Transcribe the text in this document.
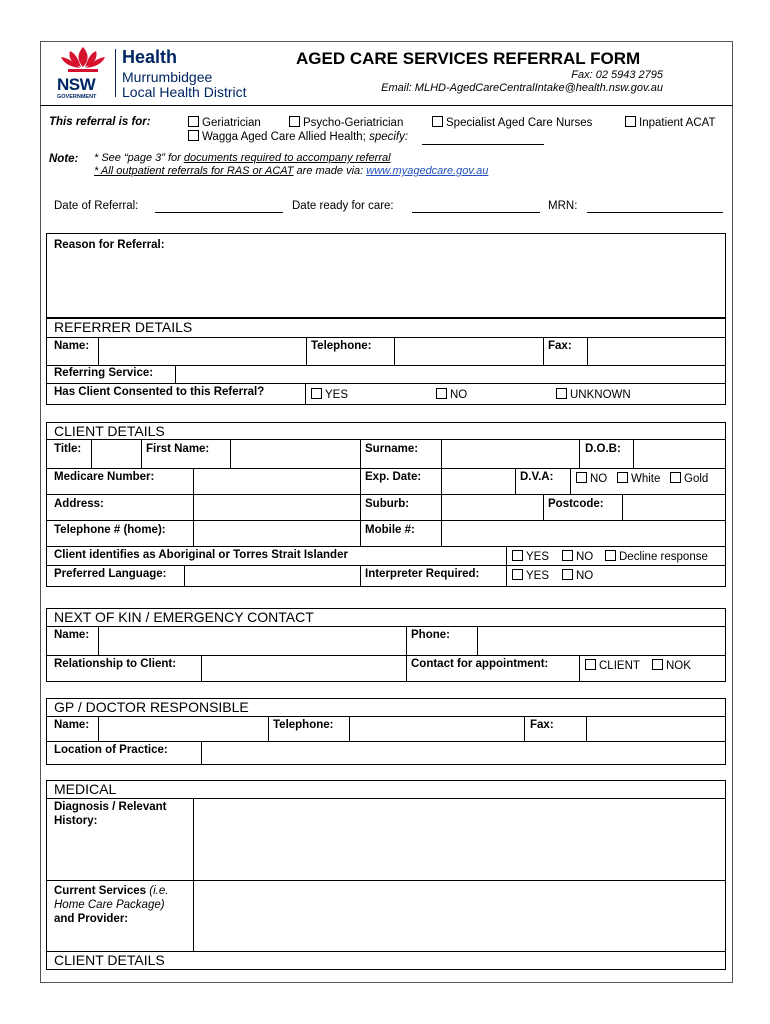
NSW
GOVERNMENT
Health
Murrumbidgee
Local Health District
AGED CARE SERVICES REFERRAL FORM
Fax: 02 5943 2795
Email: MLHD-AgedCareCentralIntake@health.nsw.gov.au
This referral is for:	Geriatrician	Psycho-Geriatrician	Specialist Aged Care Nurses	Inpatient ACAT
Wagga Aged Care Allied Health; specify:
Note: * See “page 3” for documents required to accompany referral
* All outpatient referrals for RAS or ACAT are made via: www.myagedcare.gov.au
Date of Referral:	Date ready for care:	MRN:
Reason for Referral:
REFERRER DETAILS
Name:	Telephone:	Fax:
Referring Service:
Has Client Consented to this Referral?	YES	NO	UNKNOWN
CLIENT DETAILS
Title:	First Name:	Surname:	D.O.B:
Medicare Number:	Exp. Date:	D.V.A:	NO	White	Gold
Address:	Suburb:	Postcode:
Telephone # (home):	Mobile #:
Client identifies as Aboriginal or Torres Strait Islander	YES	NO	Decline response
Preferred Language:	Interpreter Required:	YES	NO
NEXT OF KIN / EMERGENCY CONTACT
Name:	Phone:
Relationship to Client:	Contact for appointment:	CLIENT	NOK
GP / DOCTOR RESPONSIBLE
Name:	Telephone:	Fax:
Location of Practice:
MEDICAL
Diagnosis / Relevant
History:
Current Services (i.e.
Home Care Package)
and Provider:
CLIENT DETAILS
